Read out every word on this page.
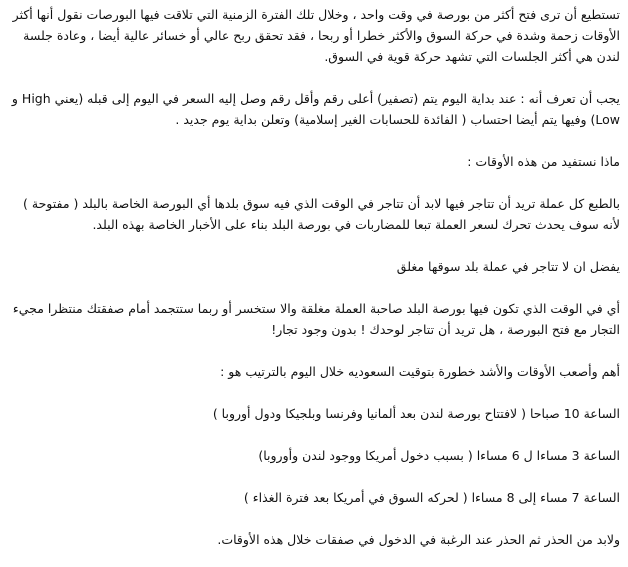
تستطيع أن ترى فتح أكثر من بورصة في وقت واحد ، وخلال تلك الفترة الزمنية التي تلاقت فيها البورصات نقول أنها أكثر الأوقات زحمة وشدة في حركة السوق والأكثر خطرا أو ربحا ، فقد تحقق ربح عالي أو خسائر عالية أيضا ، وعادة جلسة لندن هي أكثر الجلسات التي تشهد حركة قوية في السوق.

يجب أن تعرف أنه : عند بداية اليوم يتم (تصفير) أعلى رقم وأقل رقم وصل إليه السعر في اليوم إلى قبله (يعني High و Low) وفيها يتم أيضا احتساب ( الفائدة للحسابات الغير إسلامية) وتعلن بداية يوم جديد .

ماذا نستفيد من هذه الأوقات :

بالطبع كل عملة تريد أن تتاجر فيها لابد أن تتاجر في الوقت الذي فيه سوق بلدها أي البورصة الخاصة بالبلد ( مفتوحة ) لأنه سوف يحدث تحرك لسعر العملة تبعا للمضاربات في بورصة البلد بناء على الأخبار الخاصة بهذه البلد.

يفضل ان لا تتاجر في عملة بلد سوقها مغلق

أي في الوقت الذي تكون فيها بورصة البلد صاحبة العملة مغلقة والا ستخسر أو ربما ستتجمد أمام صفقتك منتظرا مجيء التجار مع فتح البورصة ، هل تريد أن تتاجر لوحدك ! بدون وجود تجار!

أهم وأصعب الأوقات والأشد خطورة بتوقيت السعوديه خلال اليوم بالترتيب هو :

الساعة 10 صباحا ( لافتتاح بورصة لندن بعد ألمانيا وفرنسا وبلجيكا ودول أوروبا )

الساعة 3 مساءا ل 6 مساءا ( بسبب دخول أمريكا ووجود لندن وأوروبا)

الساعة 7 مساء إلى 8 مساءا ( لحركه السوق في أمريكا بعد فترة الغذاء )

ولابد من الحذر ثم الحذر عند الرغبة في الدخول في صفقات خلال هذه الأوقات.
